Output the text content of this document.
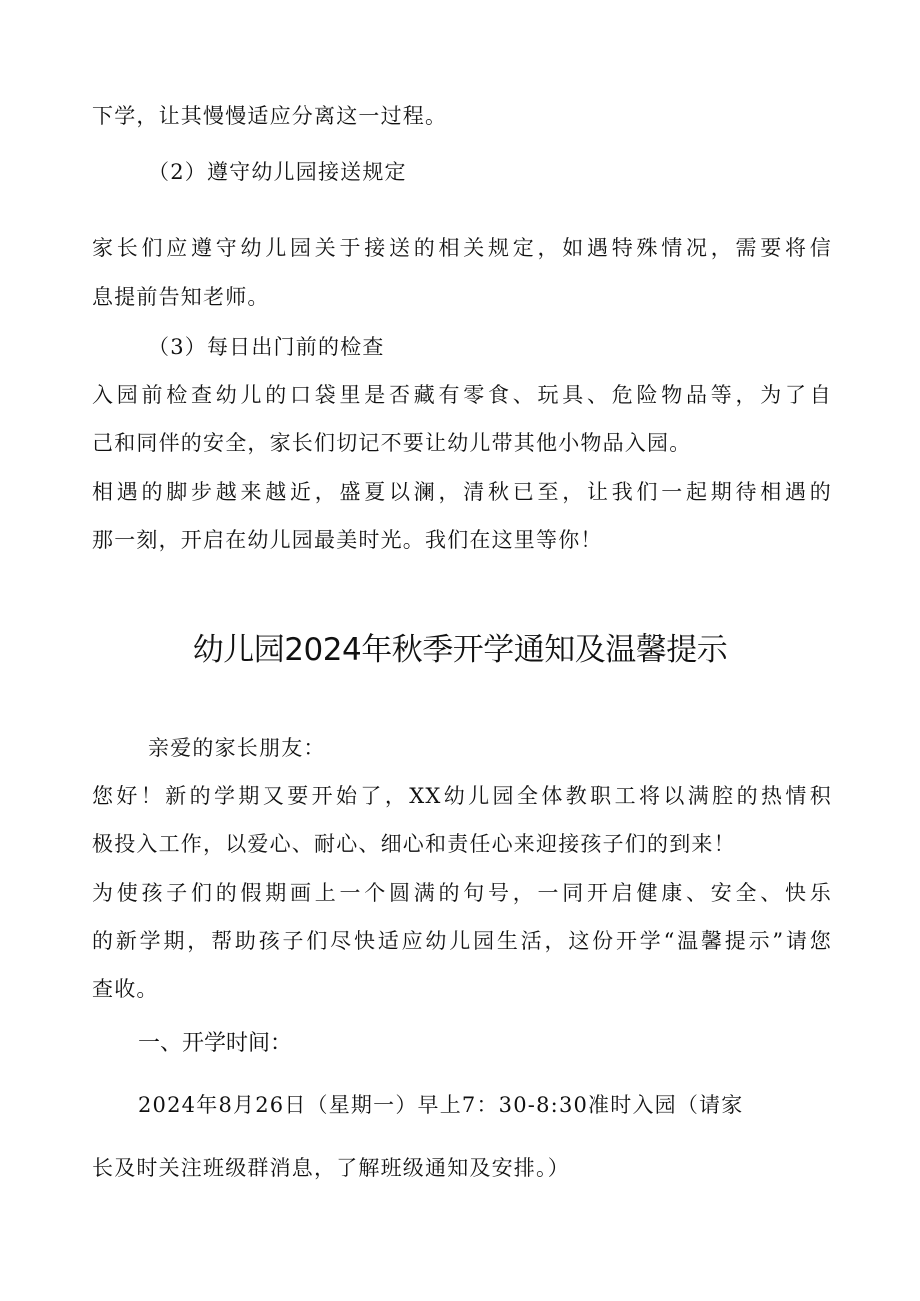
下学，让其慢慢适应分离这一过程。
（2）遵守幼儿园接送规定
家长们应遵守幼儿园关于接送的相关规定，如遇特殊情况，需要将信
息提前告知老师。
（3）每日出门前的检查
入园前检查幼儿的口袋里是否藏有零食、玩具、危险物品等，为了自
己和同伴的安全，家长们切记不要让幼儿带其他小物品入园。
相遇的脚步越来越近，盛夏以澜，清秋已至，让我们一起期待相遇的
那一刻，开启在幼儿园最美时光。我们在这里等你！
幼儿园2024年秋季开学通知及温馨提示
亲爱的家长朋友：
您好！新的学期又要开始了，XX幼儿园全体教职工将以满腔的热情积
极投入工作，以爱心、耐心、细心和责任心来迎接孩子们的到来！
为使孩子们的假期画上一个圆满的句号，一同开启健康、安全、快乐
的新学期，帮助孩子们尽快适应幼儿园生活，这份开学“温馨提示”请您
查收。
一、开学时间：
2024年8月26日（星期一）早上7：30-8:30准时入园（请家
长及时关注班级群消息，了解班级通知及安排。）
